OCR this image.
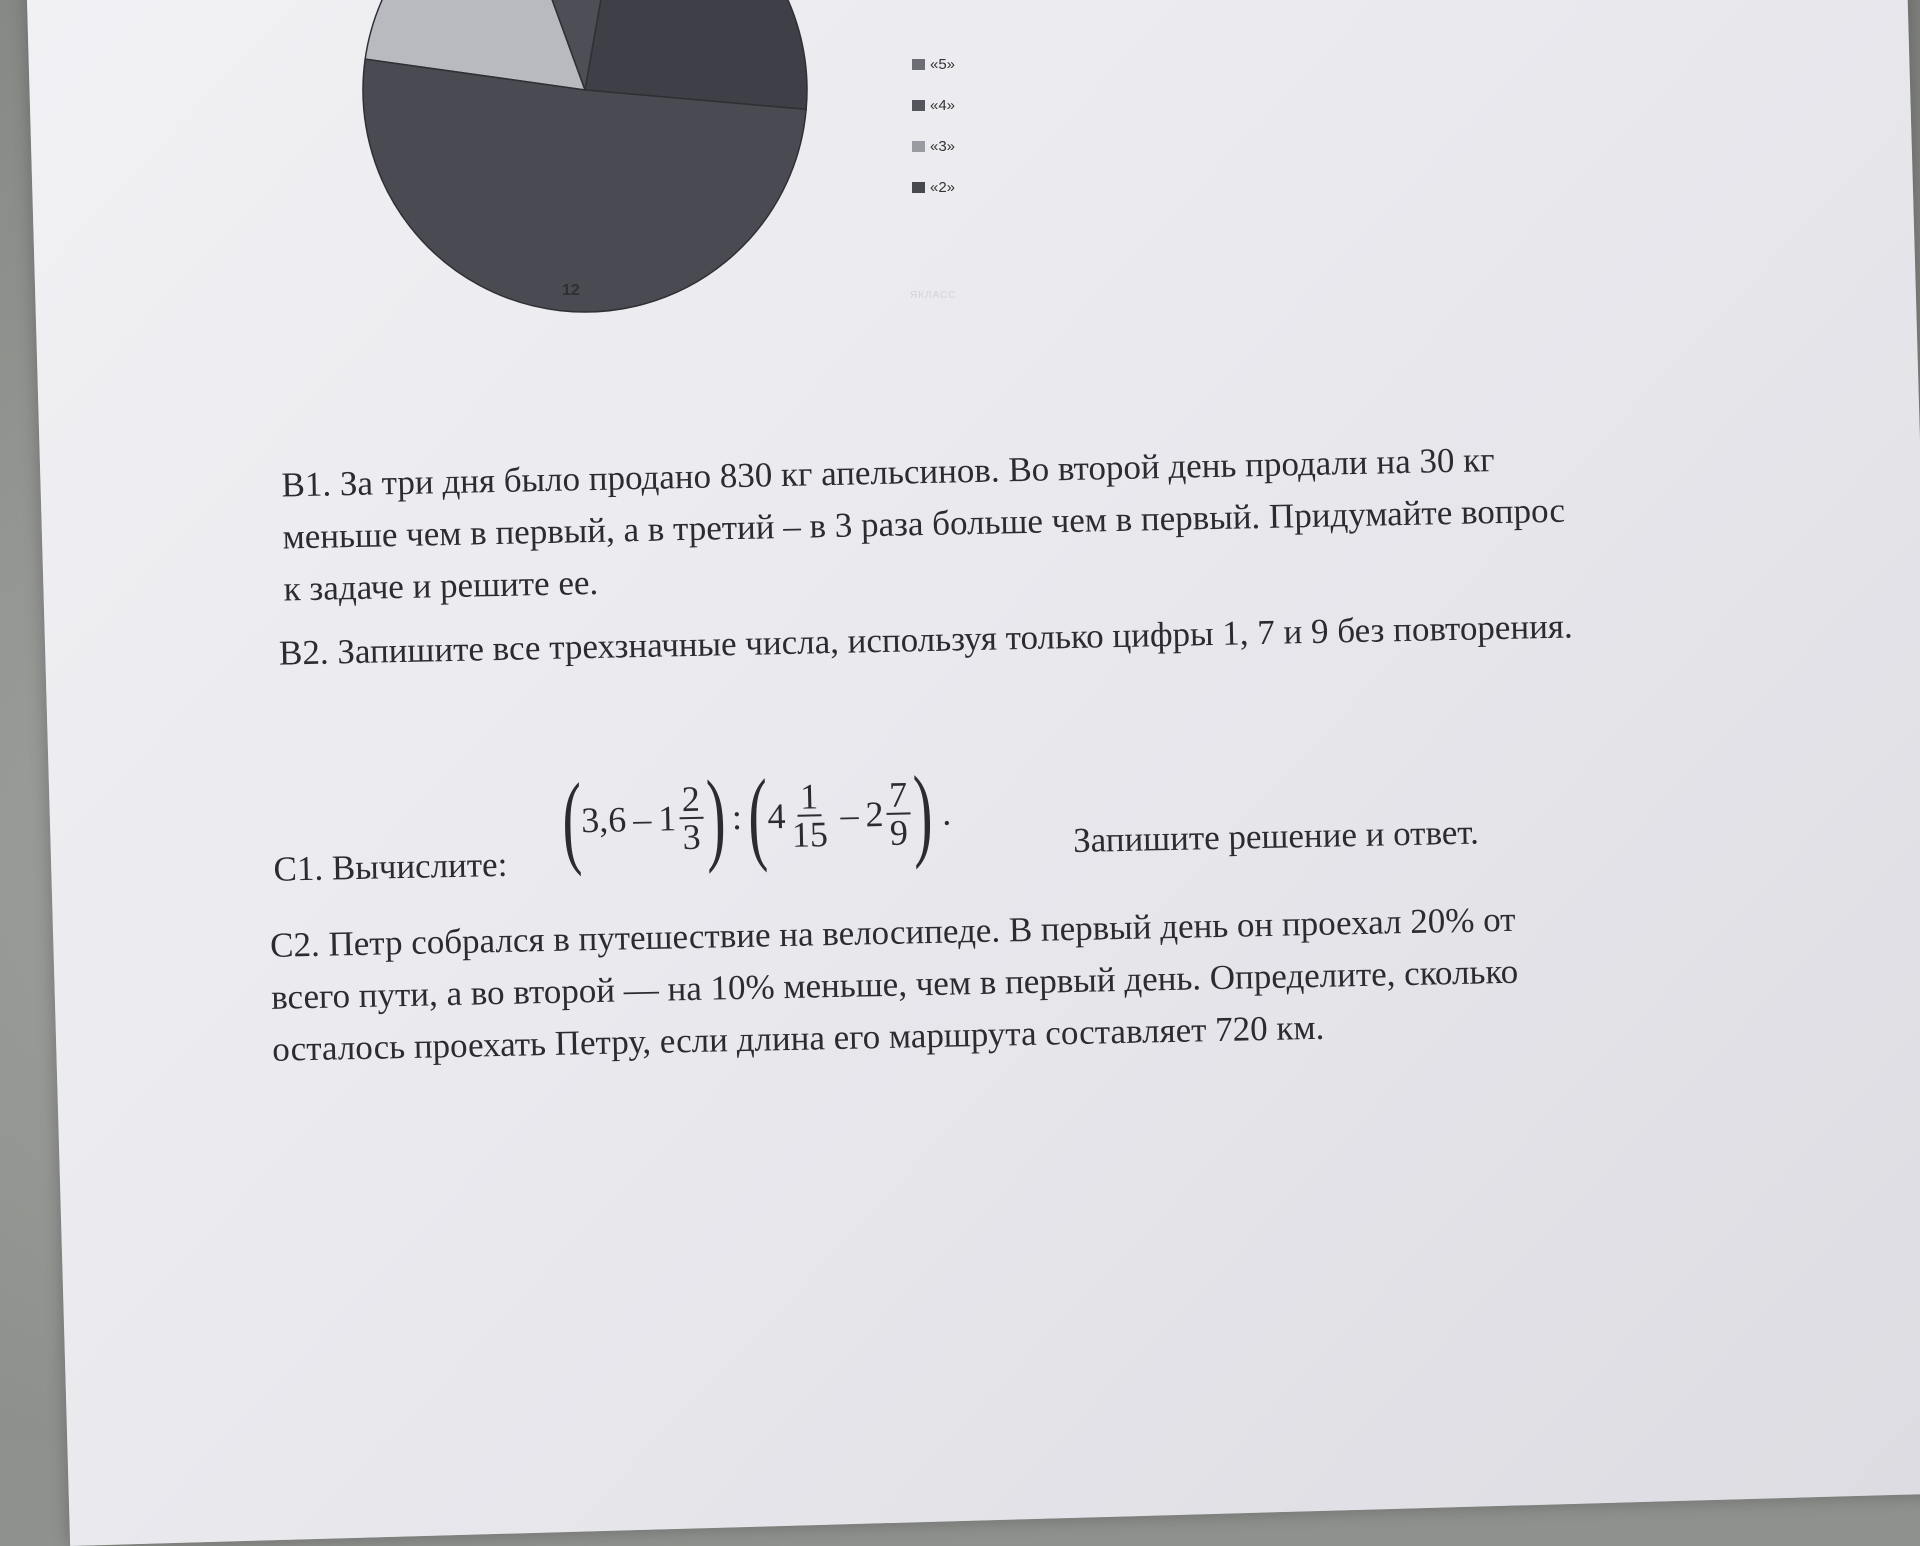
12
«5»
«4»
«3»
«2»
ЯКЛАСС
В1. За три дня было продано 830 кг апельсинов. Во второй день продали на 30 кг меньше чем в первый, а в третий – в 3 раза больше чем в первый. Придумайте вопрос к задаче и решите ее.
В2. Запишите все трехзначные числа, используя только цифры 1, 7 и 9 без повторения.
С1. Вычислите: (
$3,6 - 1 \frac{2}{3}$ ) : (
$4 \frac{1}{15} - 2 \frac{7}{9}$ ) .	Запишите решение и ответ.
С2. Петр собрался в путешествие на велосипеде. В первый день он проехал 20% от всего пути, а во второй — на 10% меньше, чем в первый день. Определите, сколько осталось проехать Петру, если длина его маршрута составляет 720 км.
